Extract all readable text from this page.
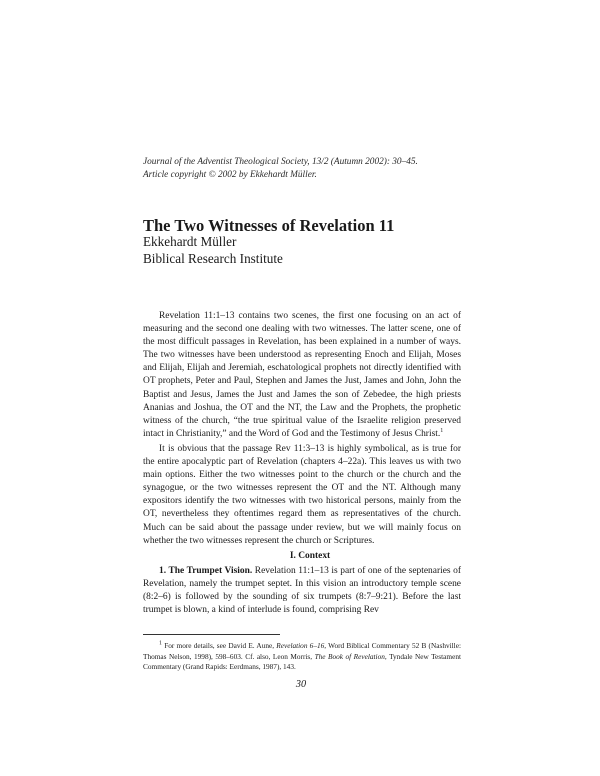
Journal of the Adventist Theological Society, 13/2 (Autumn 2002): 30–45.
Article copyright © 2002 by Ekkehardt Müller.
The Two Witnesses of Revelation 11
Ekkehardt Müller
Biblical Research Institute

Revelation 11:1–13 contains two scenes, the first one focusing on an act of measuring and the second one dealing with two witnesses. The latter scene, one of the most difficult passages in Revelation, has been explained in a number of ways. The two witnesses have been understood as representing Enoch and Elijah, Moses and Elijah, Elijah and Jeremiah, eschatological prophets not directly identified with OT prophets, Peter and Paul, Stephen and James the Just, James and John, John the Baptist and Jesus, James the Just and James the son of Zebedee, the high priests Ananias and Joshua, the OT and the NT, the Law and the Prophets, the prophetic witness of the church, “the true spiritual value of the Israelite religion preserved intact in Christianity,” and the Word of God and the Testimony of Jesus Christ.$^1$

It is obvious that the passage Rev 11:3–13 is highly symbolical, as is true for the entire apocalyptic part of Revelation (chapters 4–22a). This leaves us with two main options. Either the two witnesses point to the church or the church and the synagogue, or the two witnesses represent the OT and the NT. Although many expositors identify the two witnesses with two historical persons, mainly from the OT, nevertheless they oftentimes regard them as representatives of the church. Much can be said about the passage under review, but we will mainly focus on whether the two witnesses represent the church or Scriptures.

I. Context

1. The Trumpet Vision. Revelation 11:1–13 is part of one of the septenaries of Revelation, namely the trumpet septet. In this vision an introductory temple scene (8:2–6) is followed by the sounding of six trumpets (8:7–9:21). Before the last trumpet is blown, a kind of interlude is found, comprising Rev

$^1$ For more details, see David E. Aune, Revelation 6–16, Word Biblical Commentary 52 B (Nashville: Thomas Nelson, 1998), 598–603. Cf. also, Leon Morris, The Book of Revelation, Tyndale New Testament Commentary (Grand Rapids: Eerdmans, 1987), 143.
30
